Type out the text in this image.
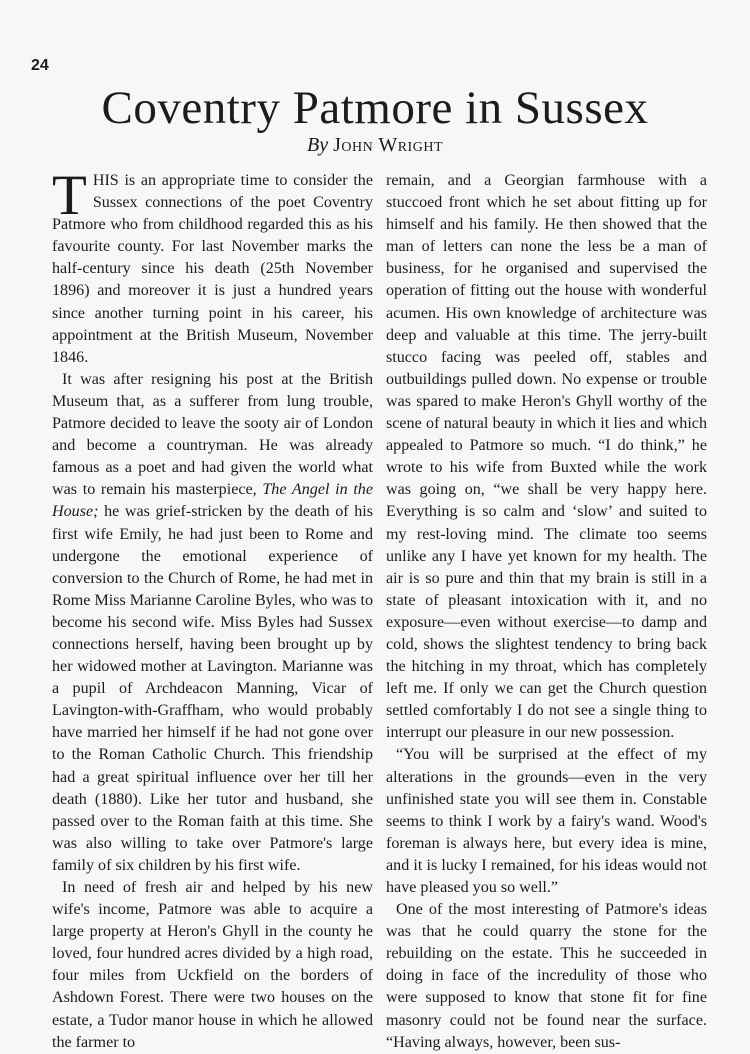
24
Coventry Patmore in Sussex
By John Wright

THIS is an appropriate time to consider the Sussex connections of the poet Coventry Patmore who from childhood regarded this as his favourite county. For last November marks the half-century since his death (25th November 1896) and moreover it is just a hundred years since another turning point in his career, his appointment at the British Museum, November 1846.

It was after resigning his post at the British Museum that, as a sufferer from lung trouble, Patmore decided to leave the sooty air of London and become a countryman. He was already famous as a poet and had given the world what was to remain his masterpiece, The Angel in the House; he was grief-stricken by the death of his first wife Emily, he had just been to Rome and undergone the emotional experience of conversion to the Church of Rome, he had met in Rome Miss Marianne Caroline Byles, who was to become his second wife. Miss Byles had Sussex connections herself, having been brought up by her widowed mother at Lavington. Marianne was a pupil of Archdeacon Manning, Vicar of Lavington-with-Graffham, who would probably have married her himself if he had not gone over to the Roman Catholic Church. This friendship had a great spiritual influence over her till her death (1880). Like her tutor and husband, she passed over to the Roman faith at this time. She was also willing to take over Patmore's large family of six children by his first wife.

In need of fresh air and helped by his new wife's income, Patmore was able to acquire a large property at Heron's Ghyll in the county he loved, four hundred acres divided by a high road, four miles from Uckfield on the borders of Ashdown Forest. There were two houses on the estate, a Tudor manor house in which he allowed the farmer to

remain, and a Georgian farmhouse with a stuccoed front which he set about fitting up for himself and his family. He then showed that the man of letters can none the less be a man of business, for he organised and supervised the operation of fitting out the house with wonderful acumen. His own knowledge of architecture was deep and valuable at this time. The jerry-built stucco facing was peeled off, stables and outbuildings pulled down. No expense or trouble was spared to make Heron's Ghyll worthy of the scene of natural beauty in which it lies and which appealed to Patmore so much. “I do think,” he wrote to his wife from Buxted while the work was going on, “we shall be very happy here. Everything is so calm and ‘slow’ and suited to my rest-loving mind. The climate too seems unlike any I have yet known for my health. The air is so pure and thin that my brain is still in a state of pleasant intoxication with it, and no exposure—even without exercise—to damp and cold, shows the slightest tendency to bring back the hitching in my throat, which has completely left me. If only we can get the Church question settled comfortably I do not see a single thing to interrupt our pleasure in our new possession.

“You will be surprised at the effect of my alterations in the grounds—even in the very unfinished state you will see them in. Constable seems to think I work by a fairy's wand. Wood's foreman is always here, but every idea is mine, and it is lucky I remained, for his ideas would not have pleased you so well.”

One of the most interesting of Patmore's ideas was that he could quarry the stone for the rebuilding on the estate. This he succeeded in doing in face of the incredulity of those who were supposed to know that stone fit for fine masonry could not be found near the surface. “Having always, however, been sus-
